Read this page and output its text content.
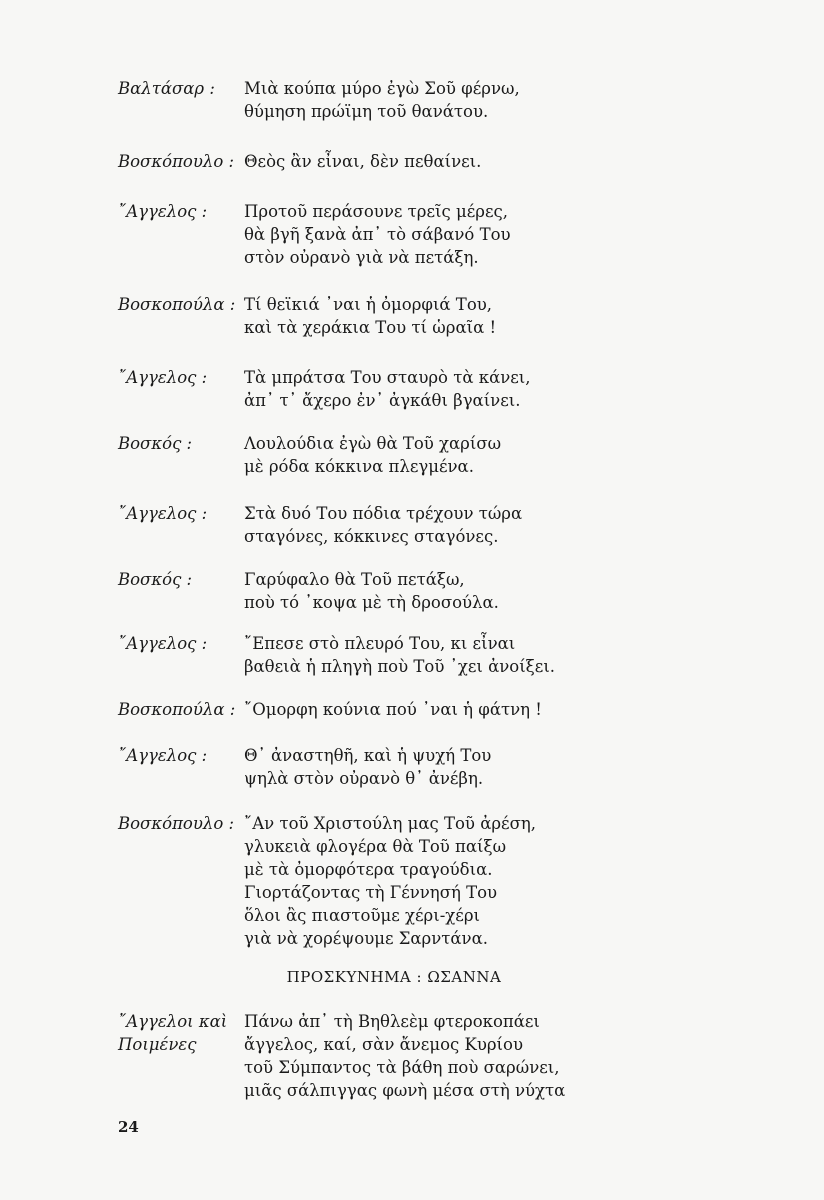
Βαλτάσαρ :	Μιὰ κούπα μύρο ἐγὼ Σοῦ φέρνω,
θύμηση πρώϊμη τοῦ θανάτου.
Βοσκόπουλο : Θεὸς ἂν εἶναι, δὲν πεθαίνει.
῎Αγγελος :	Προτοῦ περάσουνε τρεῖς μέρες,
θὰ βγῆ ξανὰ ἀπ᾽ τὸ σάβανό Του
στὸν οὐρανὸ γιὰ νὰ πετάξη.
Βοσκοπούλα : Τί θεϊκιά ᾽ναι ἡ ὀμορφιά Του,
καὶ τὰ χεράκια Του τί ὡραῖα !
῎Αγγελος :	Τὰ μπράτσα Του σταυρὸ τὰ κάνει,
ἀπ᾽ τ᾽ ἄχερο ἐν᾽ ἀγκάθι βγαίνει.
Βοσκός :	Λουλούδια ἐγὼ θὰ Τοῦ χαρίσω
μὲ ρόδα κόκκινα πλεγμένα.
῎Αγγελος :	Στὰ δυό Του πόδια τρέχουν τώρα
σταγόνες, κόκκινες σταγόνες.
Βοσκός :	Γαρύφαλο θὰ Τοῦ πετάξω,
ποὺ τό ᾽κοψα μὲ τὴ δροσούλα.
῎Αγγελος :	῎Επεσε στὸ πλευρό Του, κι εἶναι
βαθειὰ ἡ πληγὴ ποὺ Τοῦ ᾽χει ἀνοίξει.
Βοσκοπούλα : ῎Ομορφη κούνια πού ᾽ναι ἡ φάτνη !
῎Αγγελος :	Θ᾽ ἀναστηθῆ, καὶ ἡ ψυχή Του
ψηλὰ στὸν οὐρανὸ θ᾽ ἀνέβη.
Βοσκόπουλο : ῎Αν τοῦ Χριστούλη μας Τοῦ ἀρέση,
γλυκειὰ φλογέρα θὰ Τοῦ παίξω
μὲ τὰ ὀμορφότερα τραγούδια.
Γιορτάζοντας τὴ Γέννησή Του
ὅλοι ἂς πιαστοῦμε χέρι-χέρι
γιὰ νὰ χορέψουμε Σαρντάνα.
῎Αγγελοι καὶ
Ποιμένες
Πάνω ἀπ᾽ τὴ Βηθλεὲμ φτεροκοπάει
ἄγγελος, καί, σὰν ἄνεμος Κυρίου
τοῦ Σύμπαντος τὰ βάθη ποὺ σαρώνει,
μιᾶς σάλπιγγας φωνὴ μέσα στὴ νύχτα
ΠΡΟΣΚΥΝΗΜΑ : ΩΣΑΝΝΑ
24
